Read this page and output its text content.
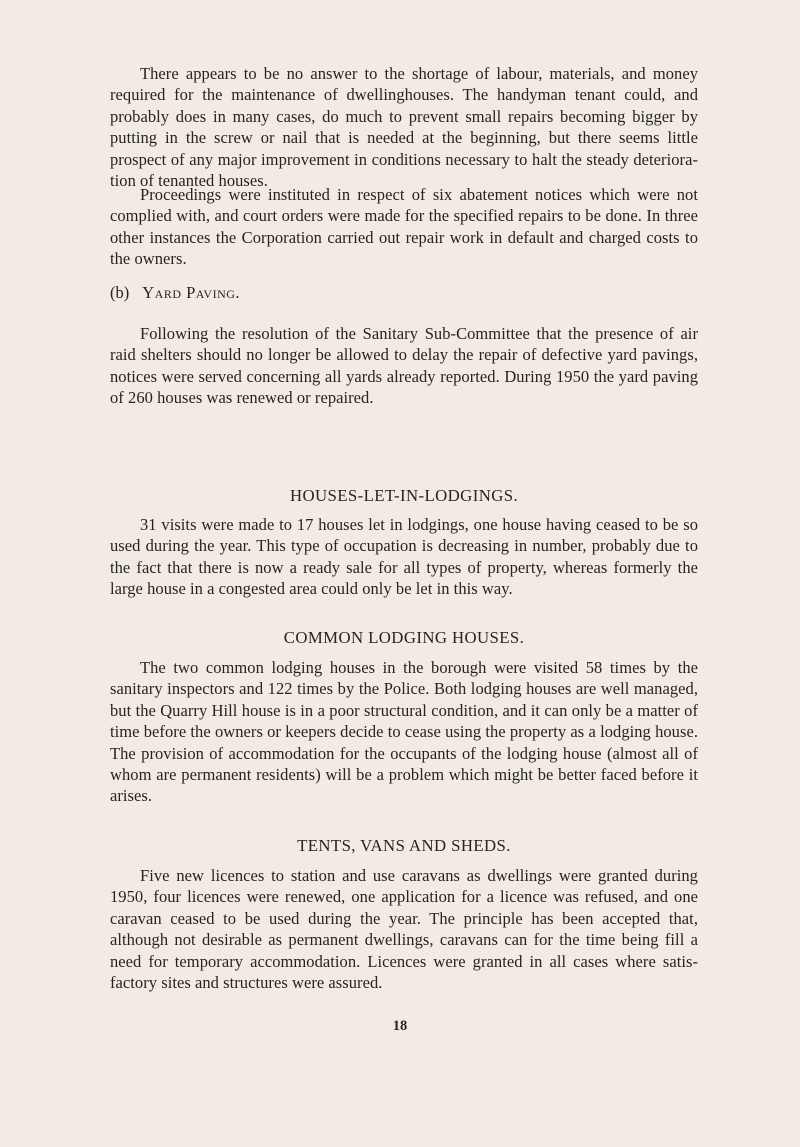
There appears to be no answer to the shortage of labour, materials, and money required for the maintenance of dwellinghouses. The handyman tenant could, and probably does in many cases, do much to prevent small repairs becoming bigger by putting in the screw or nail that is needed at the beginning, but there seems little prospect of any major improvement in conditions necessary to halt the steady deteriora-tion of tenanted houses.

Proceedings were instituted in respect of six abatement notices which were not complied with, and court orders were made for the specified repairs to be done. In three other instances the Corporation carried out repair work in default and charged costs to the owners.

(b) Yard Paving.

Following the resolution of the Sanitary Sub-Committee that the presence of air raid shelters should no longer be allowed to delay the repair of defective yard pavings, notices were served concerning all yards already reported. During 1950 the yard paving of 260 houses was renewed or repaired.

HOUSES-LET-IN-LODGINGS.

31 visits were made to 17 houses let in lodgings, one house having ceased to be so used during the year. This type of occupation is decreasing in number, probably due to the fact that there is now a ready sale for all types of property, whereas formerly the large house in a congested area could only be let in this way.

COMMON LODGING HOUSES.

The two common lodging houses in the borough were visited 58 times by the sanitary inspectors and 122 times by the Police. Both lodging houses are well managed, but the Quarry Hill house is in a poor structural condition, and it can only be a matter of time before the owners or keepers decide to cease using the property as a lodging house. The provision of accommodation for the occupants of the lodging house (almost all of whom are permanent residents) will be a problem which might be better faced before it arises.

TENTS, VANS AND SHEDS.

Five new licences to station and use caravans as dwellings were granted during 1950, four licences were renewed, one application for a licence was refused, and one caravan ceased to be used during the year. The principle has been accepted that, although not desirable as permanent dwellings, caravans can for the time being fill a need for temporary accommodation. Licences were granted in all cases where satis-factory sites and structures were assured.

18
